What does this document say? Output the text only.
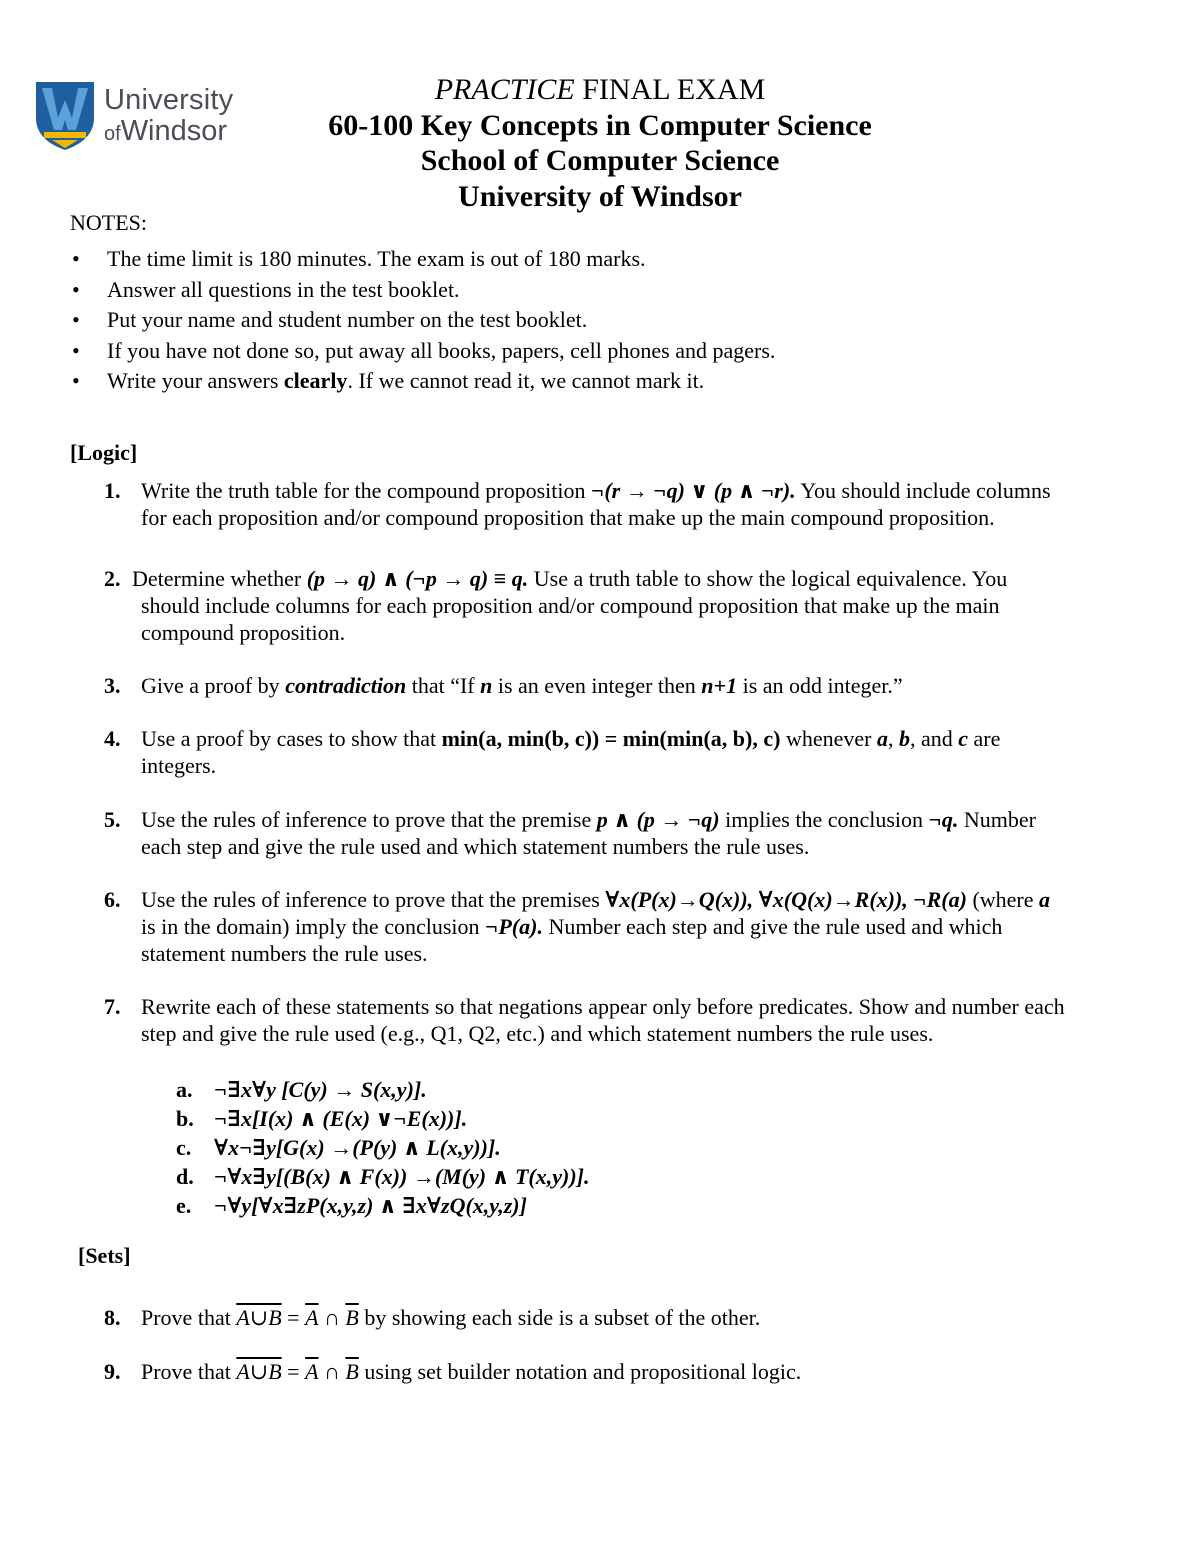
University
ofWindsor
PRACTICE FINAL EXAM
60-100 Key Concepts in Computer Science
School of Computer Science
University of Windsor
NOTES:
• The time limit is 180 minutes. The exam is out of 180 marks.
• Answer all questions in the test booklet.
• Put your name and student number on the test booklet.
• If you have not done so, put away all books, papers, cell phones and pagers.
• Write your answers clearly. If we cannot read it, we cannot mark it.
[Logic]
1. Write the truth table for the compound proposition ¬(r → ¬q) ∨ (p ∧ ¬r). You should include columns
for each proposition and/or compound proposition that make up the main compound proposition.
2. Determine whether (p → q) ∧ (¬p → q) ≡ q. Use a truth table to show the logical equivalence. You
should include columns for each proposition and/or compound proposition that make up the main
compound proposition.
3. Give a proof by contradiction that “If n is an even integer then n+1 is an odd integer.”
4. Use a proof by cases to show that min(a, min(b, c)) = min(min(a, b), c) whenever a, b, and c are
integers.
5. Use the rules of inference to prove that the premise p ∧ (p → ¬q) implies the conclusion ¬q. Number
each step and give the rule used and which statement numbers the rule uses.
6. Use the rules of inference to prove that the premises ∀x(P(x)→Q(x)), ∀x(Q(x)→R(x)), ¬R(a) (where a
is in the domain) imply the conclusion ¬P(a). Number each step and give the rule used and which
statement numbers the rule uses.
7. Rewrite each of these statements so that negations appear only before predicates. Show and number each
step and give the rule used (e.g., Q1, Q2, etc.) and which statement numbers the rule uses.
a. ¬∃x∀y [C(y) → S(x,y)].
b. ¬∃x[I(x) ∧ (E(x) ∨¬E(x))].
c. ∀x¬∃y[G(x) →(P(y) ∧ L(x,y))].
d. ¬∀x∃y[(B(x) ∧ F(x)) →(M(y) ∧ T(x,y))].
e. ¬∀y[∀x∃zP(x,y,z) ∧ ∃x∀zQ(x,y,z)]
[Sets]
8. Prove that A∪B = $\overline{A}$ ∩ $\overline{B}$ by showing each side is a subset of the other.
9. Prove that A∪B = $\overline{A}$ ∩ $\overline{B}$ using set builder notation and propositional logic.
